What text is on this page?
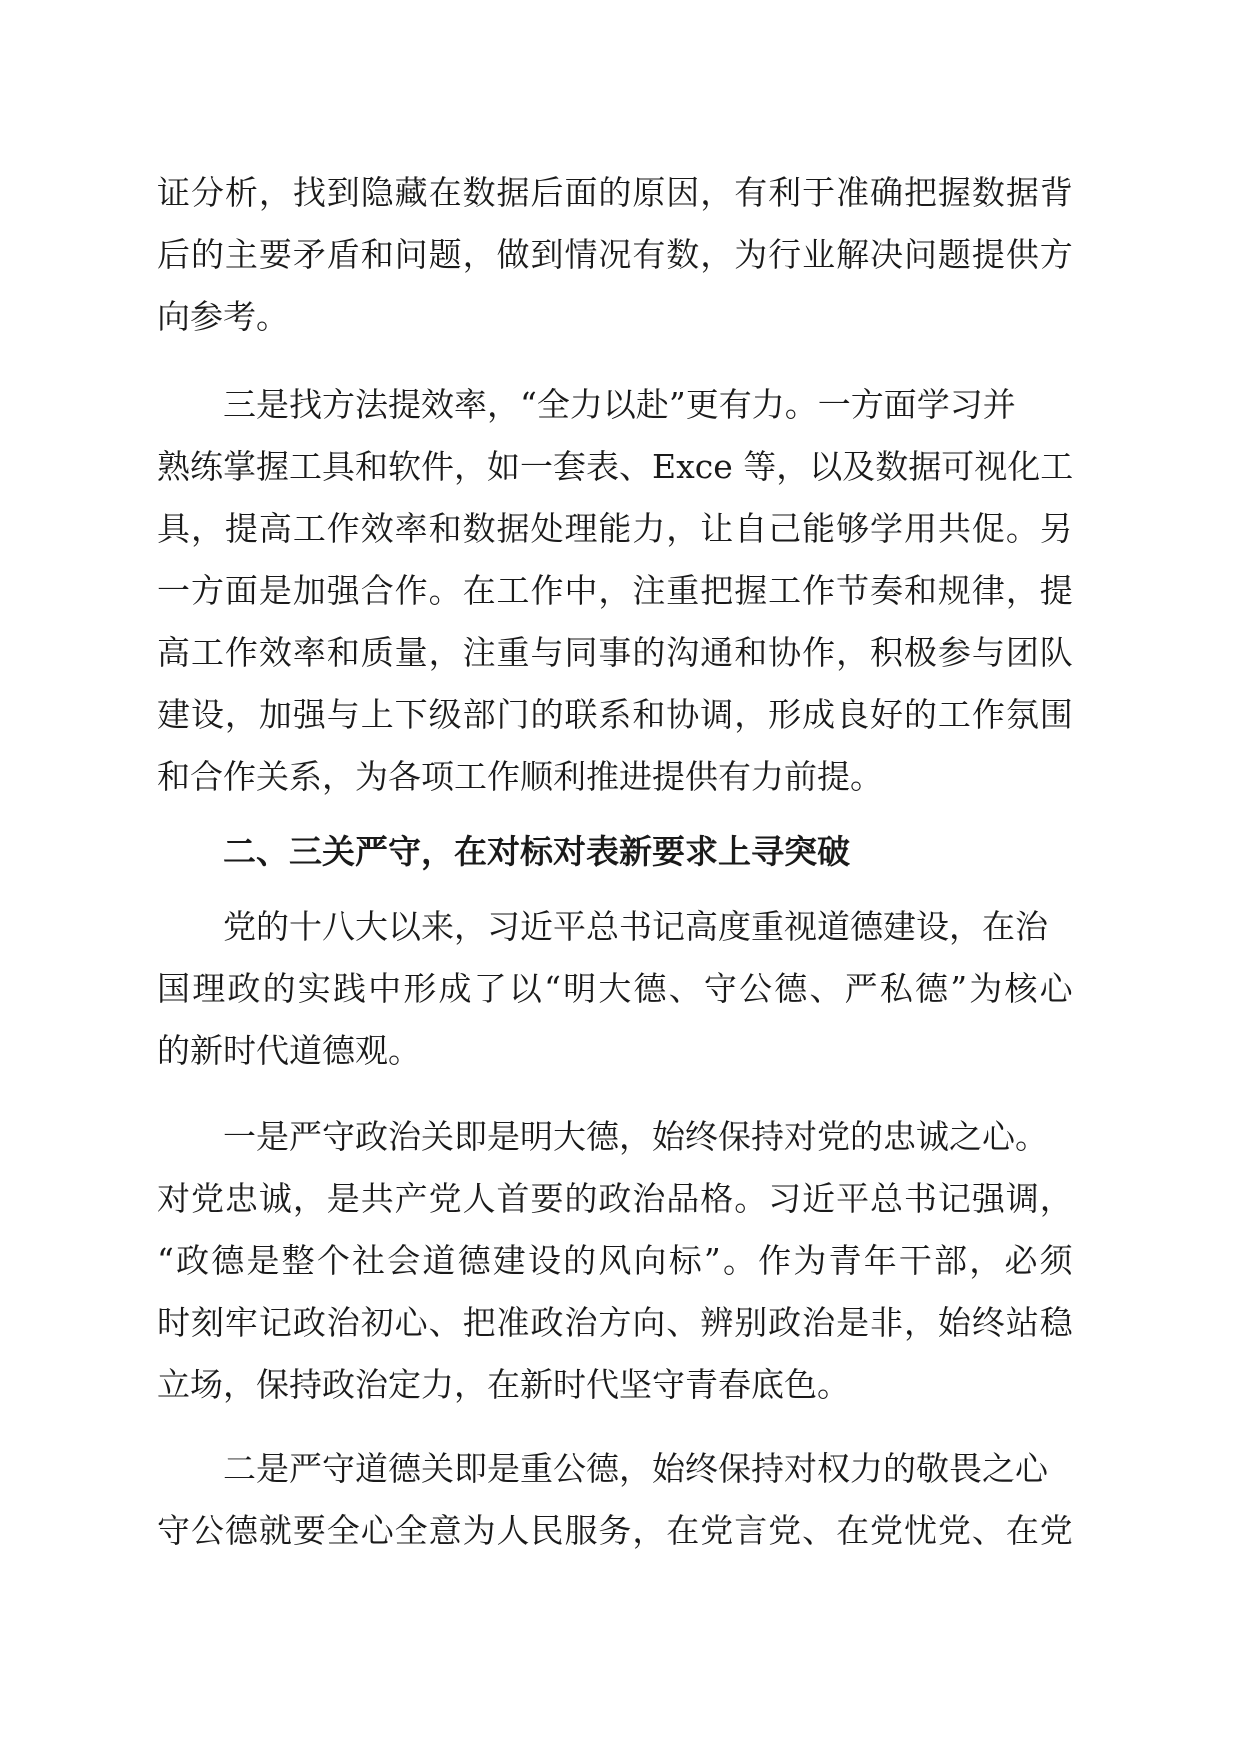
证 分 析 ， 找 到 隐 藏 在 数 据 后 面 的 原 因 ， 有 利 于 准 确 把 握 数 据 背
后 的 主 要 矛 盾 和 问 题 ， 做 到 情 况 有 数 ， 为 行 业 解 决 问 题 提 供 方
向参考。
三是找方法提效率，“全力以赴”更有力。一方面学习并
熟 练 掌 握 工 具 和 软 件 ， 如 一 套 表 、 E x c e
等 ， 以 及 数 据 可 视 化 工
具 ， 提 高 工 作 效 率 和 数 据 处 理 能 力 ， 让 自 己 能 够 学 用 共 促 。 另
一 方 面 是 加 强 合 作 。 在 工 作 中 ， 注 重 把 握 工 作 节 奏 和 规 律 ， 提
高 工 作 效 率 和 质 量 ， 注 重 与 同 事 的 沟 通 和 协 作 ， 积 极 参 与 团 队
建 设 ， 加 强 与 上 下 级 部 门 的 联 系 和 协 调 ， 形 成 良 好 的 工 作 氛 围
和合作关系，为各项工作顺利推进提供有力前提。
二、三关严守，在对标对表新要求上寻突破
党的十八大以来，习近平总书记高度重视道德建设，在治
国 理 政 的 实 践 中 形 成 了 以 “ 明 大 德 、 守 公 德 、 严 私 德 ” 为 核 心
的新时代道德观。
一是严守政治关即是明大德，始终保持对党的忠诚之心。
对 党 忠 诚 ， 是 共 产 党 人 首 要 的 政 治 品 格 。 习 近 平 总 书 记 强 调 ，
“ 政 德 是 整 个 社 会 道 德 建 设 的 风 向 标 ” 。 作 为 青 年 干 部 ， 必 须
时 刻 牢 记 政 治 初 心 、 把 准 政 治 方 向 、 辨 别 政 治 是 非 ， 始 终 站 稳
立场，保持政治定力，在新时代坚守青春底色。
二是严守道德关即是重公德，始终保持对权力的敬畏之心
守 公 德 就 要 全 心 全 意 为 人 民 服 务 ， 在 党 言 党 、 在 党 忧 党 、 在 党
